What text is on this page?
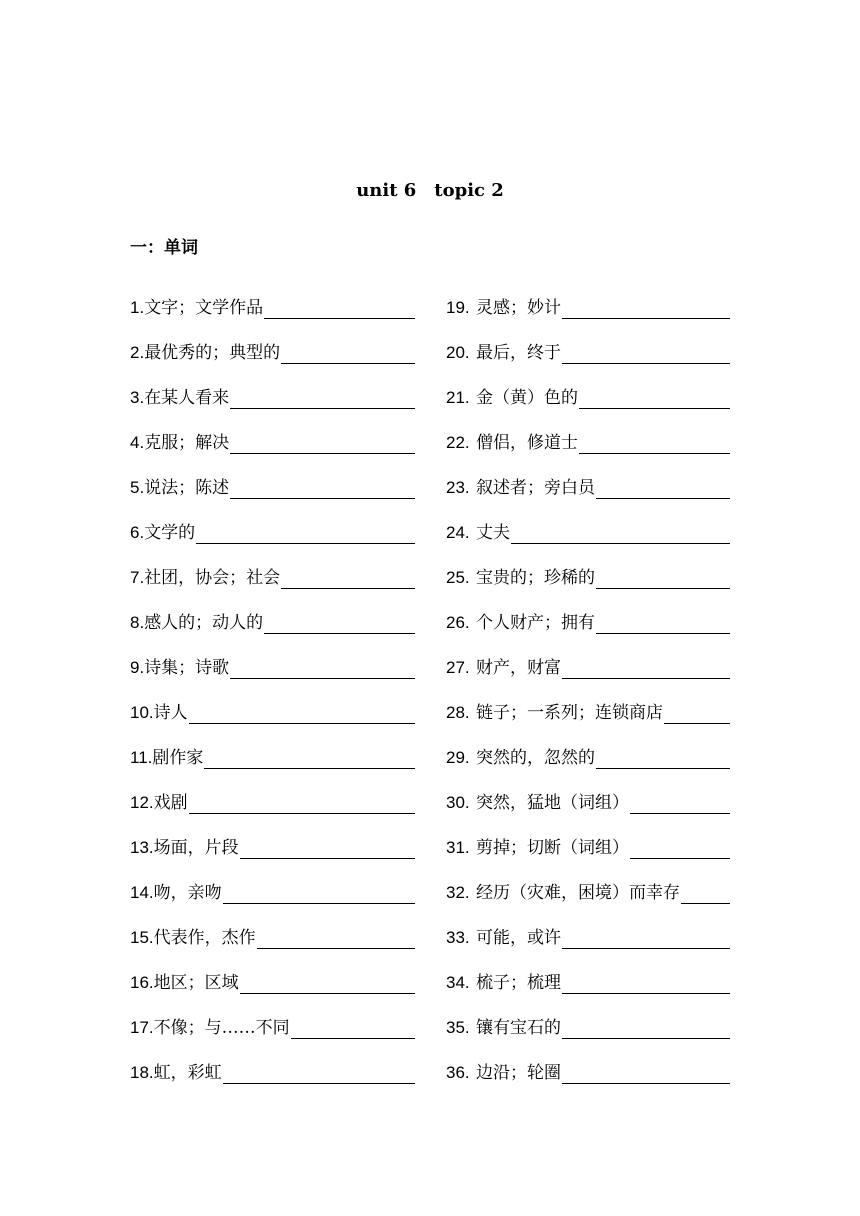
unit 6　topic 2
一：单词
1. 文字；文学作品
2. 最优秀的；典型的
3. 在某人看来
4. 克服；解决
5. 说法；陈述
6. 文学的
7. 社团，协会；社会
8. 感人的；动人的
9. 诗集；诗歌
10. 诗人
11. 剧作家
12. 戏剧
13. 场面，片段
14. 吻，亲吻
15. 代表作，杰作
16. 地区；区域
17. 不像；与……不同
18. 虹，彩虹
19. 灵感；妙计
20. 最后，终于
21. 金（黄）色的
22. 僧侣，修道士
23. 叙述者；旁白员
24. 丈夫
25. 宝贵的；珍稀的
26. 个人财产；拥有
27. 财产，财富
28. 链子；一系列；连锁商店
29. 突然的，忽然的
30. 突然，猛地（词组）
31. 剪掉；切断（词组）
32. 经历（灾难，困境）而幸存
33. 可能，或许
34. 梳子；梳理
35. 镶有宝石的
36. 边沿；轮圈
